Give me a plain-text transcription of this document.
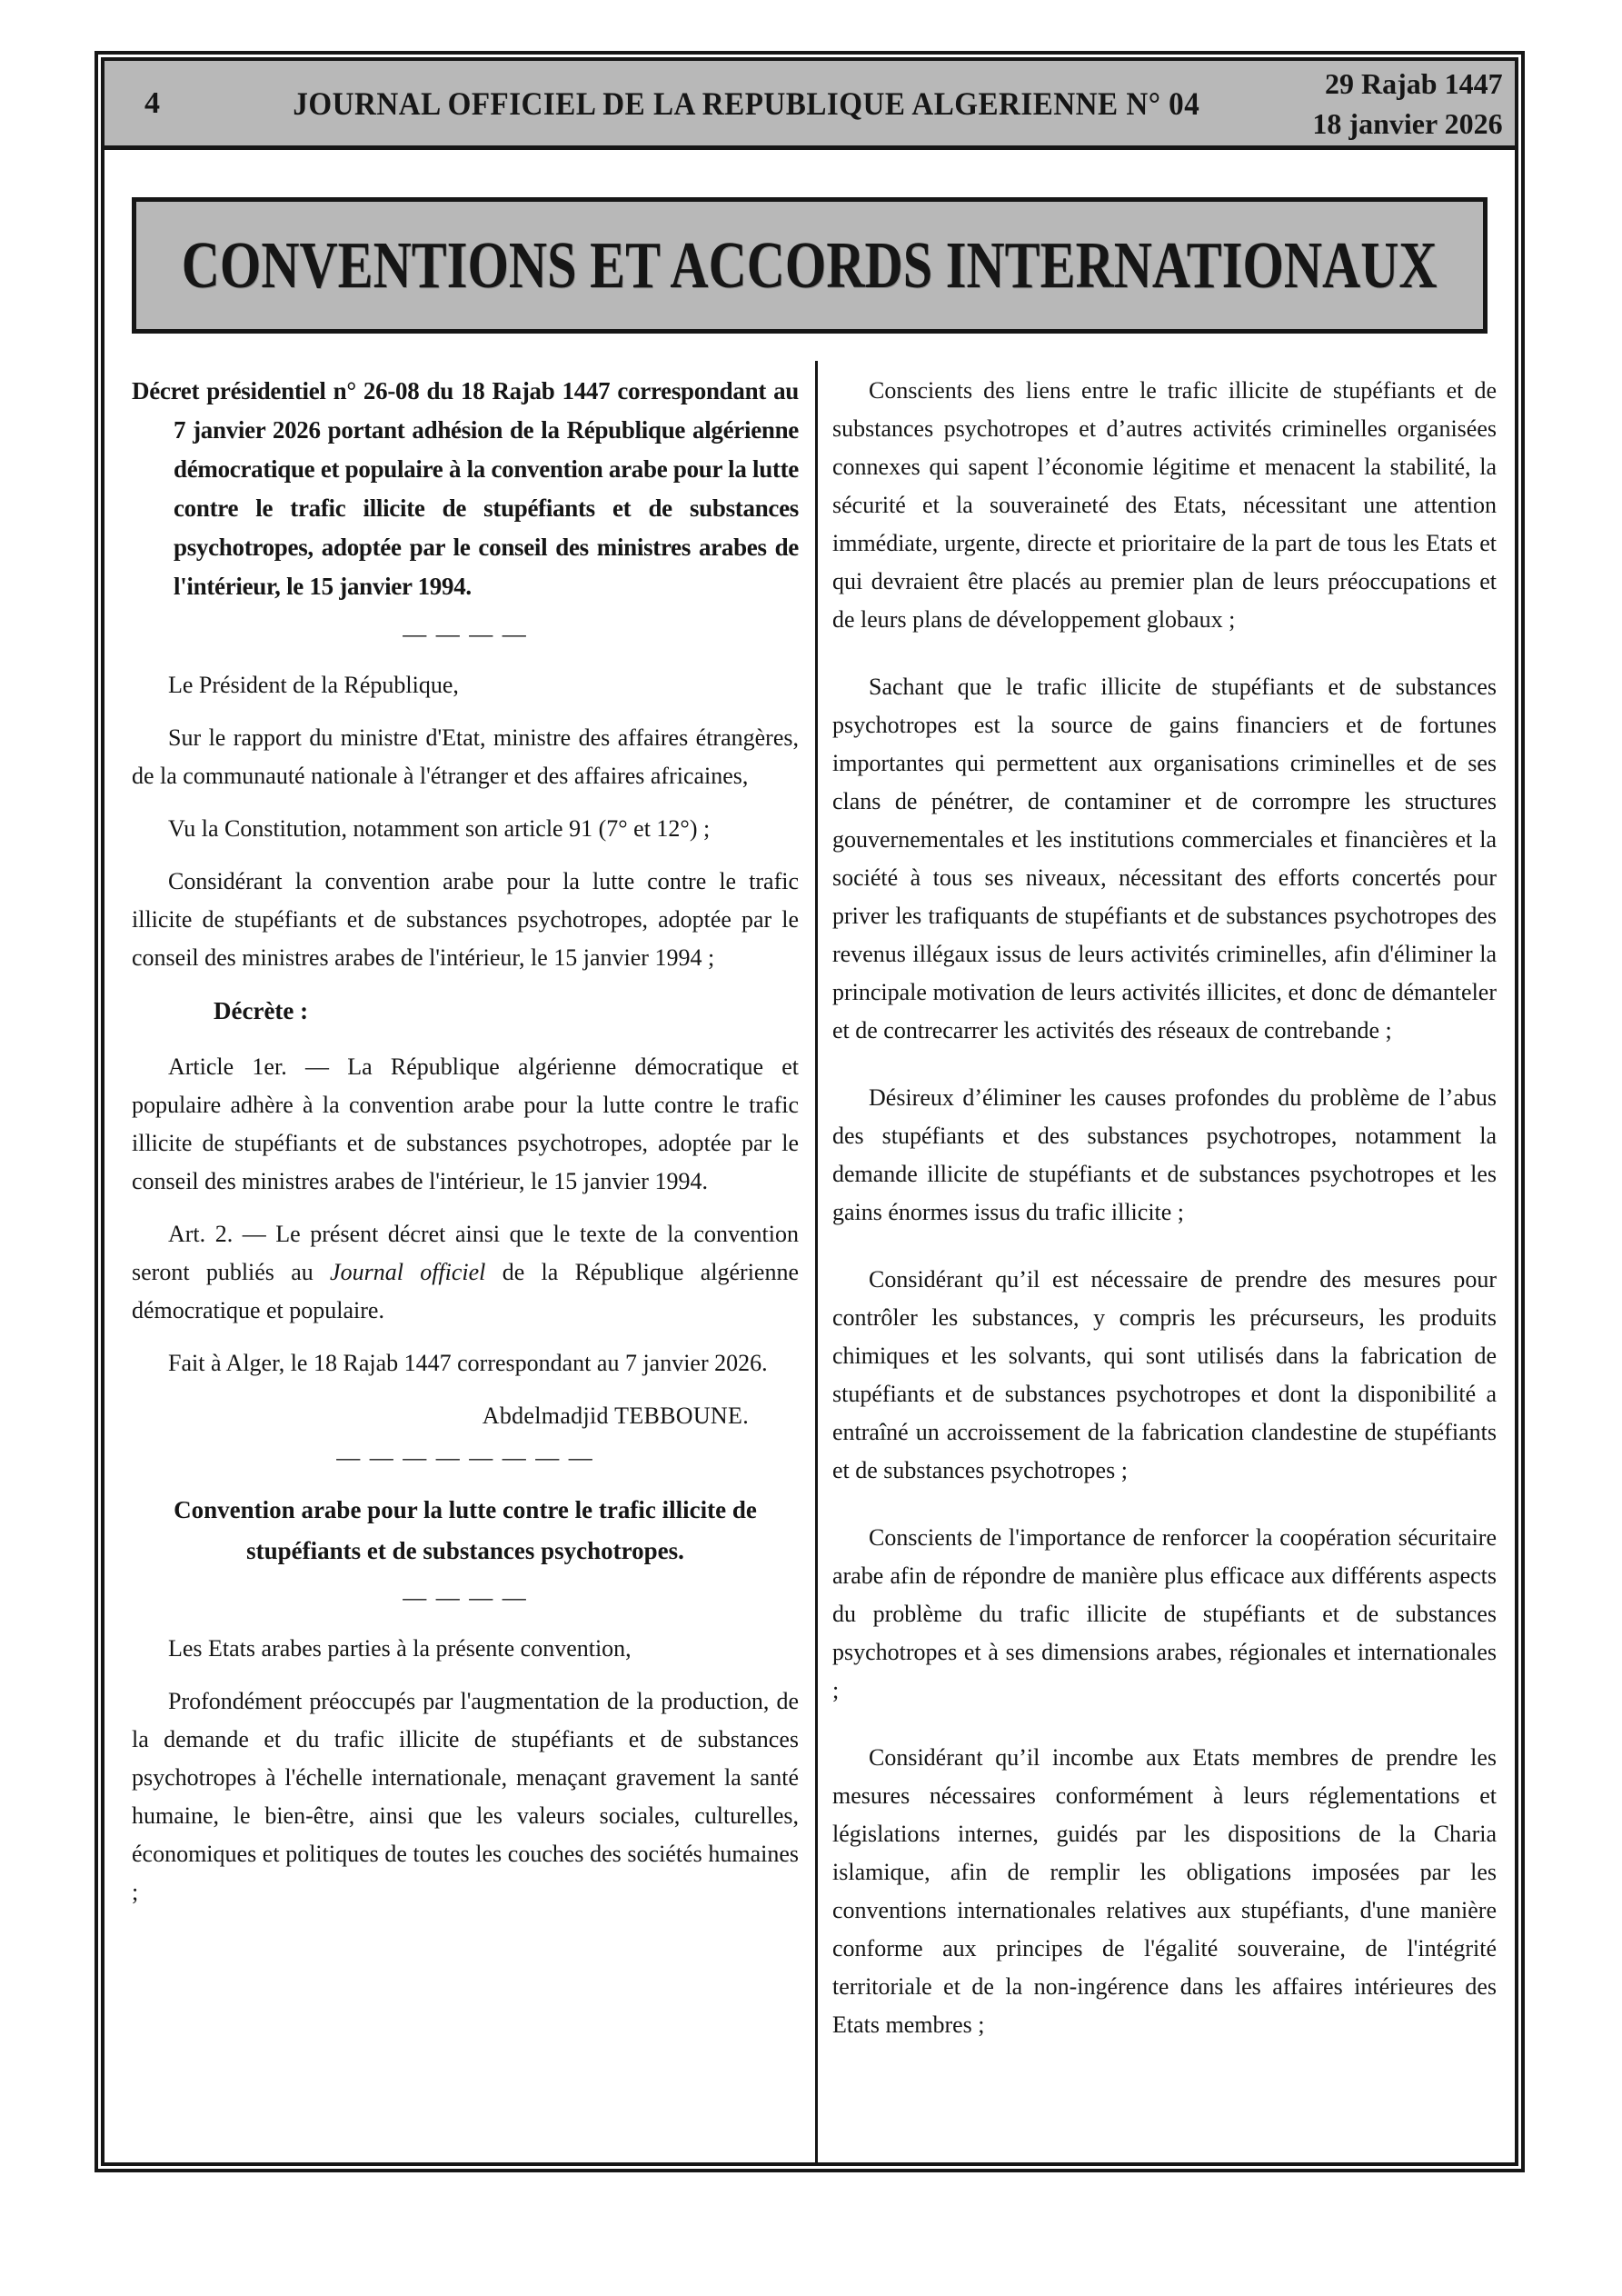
4	JOURNAL OFFICIEL DE LA REPUBLIQUE ALGERIENNE N° 04
29 Rajab 1447
18 janvier 2026
CONVENTIONS ET ACCORDS INTERNATIONAUX

Décret présidentiel n° 26-08 du 18 Rajab 1447 correspondant au 7 janvier 2026 portant adhésion de la République algérienne démocratique et populaire à la convention arabe pour la lutte contre le trafic illicite de stupéfiants et de substances psychotropes, adoptée par le conseil des ministres arabes de l'intérieur, le 15 janvier 1994.

— — — —

Le Président de la République,

Sur le rapport du ministre d'Etat, ministre des affaires étrangères, de la communauté nationale à l'étranger et des affaires africaines,

Vu la Constitution, notamment son article 91 (7° et 12°) ;

Considérant la convention arabe pour la lutte contre le trafic illicite de stupéfiants et de substances psychotropes, adoptée par le conseil des ministres arabes de l'intérieur, le 15 janvier 1994 ;

Décrète :

Article 1er. — La République algérienne démocratique et populaire adhère à la convention arabe pour la lutte contre le trafic illicite de stupéfiants et de substances psychotropes, adoptée par le conseil des ministres arabes de l'intérieur, le 15 janvier 1994.

Art. 2. — Le présent décret ainsi que le texte de la convention seront publiés au Journal officiel de la République algérienne démocratique et populaire.

Fait à Alger, le 18 Rajab 1447 correspondant au 7 janvier 2026.

Abdelmadjid TEBBOUNE.

— — — — — — — —

Convention arabe pour la lutte contre le trafic illicite de stupéfiants et de substances psychotropes.

— — — —

Les Etats arabes parties à la présente convention,

Profondément préoccupés par l'augmentation de la production, de la demande et du trafic illicite de stupéfiants et de substances psychotropes à l'échelle internationale, menaçant gravement la santé humaine, le bien-être, ainsi que les valeurs sociales, culturelles, économiques et politiques de toutes les couches des sociétés humaines ;

Conscients des liens entre le trafic illicite de stupéfiants et de substances psychotropes et d’autres activités criminelles organisées connexes qui sapent l’économie légitime et menacent la stabilité, la sécurité et la souveraineté des Etats, nécessitant une attention immédiate, urgente, directe et prioritaire de la part de tous les Etats et qui devraient être placés au premier plan de leurs préoccupations et de leurs plans de développement globaux ;

Sachant que le trafic illicite de stupéfiants et de substances psychotropes est la source de gains financiers et de fortunes importantes qui permettent aux organisations criminelles et de ses clans de pénétrer, de contaminer et de corrompre les structures gouvernementales et les institutions commerciales et financières et la société à tous ses niveaux, nécessitant des efforts concertés pour priver les trafiquants de stupéfiants et de substances psychotropes des revenus illégaux issus de leurs activités criminelles, afin d'éliminer la principale motivation de leurs activités illicites, et donc de démanteler et de contrecarrer les activités des réseaux de contrebande ;

Désireux d’éliminer les causes profondes du problème de l’abus des stupéfiants et des substances psychotropes, notamment la demande illicite de stupéfiants et de substances psychotropes et les gains énormes issus du trafic illicite ;

Considérant qu’il est nécessaire de prendre des mesures pour contrôler les substances, y compris les précurseurs, les produits chimiques et les solvants, qui sont utilisés dans la fabrication de stupéfiants et de substances psychotropes et dont la disponibilité a entraîné un accroissement de la fabrication clandestine de stupéfiants et de substances psychotropes ;

Conscients de l'importance de renforcer la coopération sécuritaire arabe afin de répondre de manière plus efficace aux différents aspects du problème du trafic illicite de stupéfiants et de substances psychotropes et à ses dimensions arabes, régionales et internationales ;

Considérant qu’il incombe aux Etats membres de prendre les mesures nécessaires conformément à leurs réglementations et législations internes, guidés par les dispositions de la Charia islamique, afin de remplir les obligations imposées par les conventions internationales relatives aux stupéfiants, d'une manière conforme aux principes de l'égalité souveraine, de l'intégrité territoriale et de la non-ingérence dans les affaires intérieures des Etats membres ;
